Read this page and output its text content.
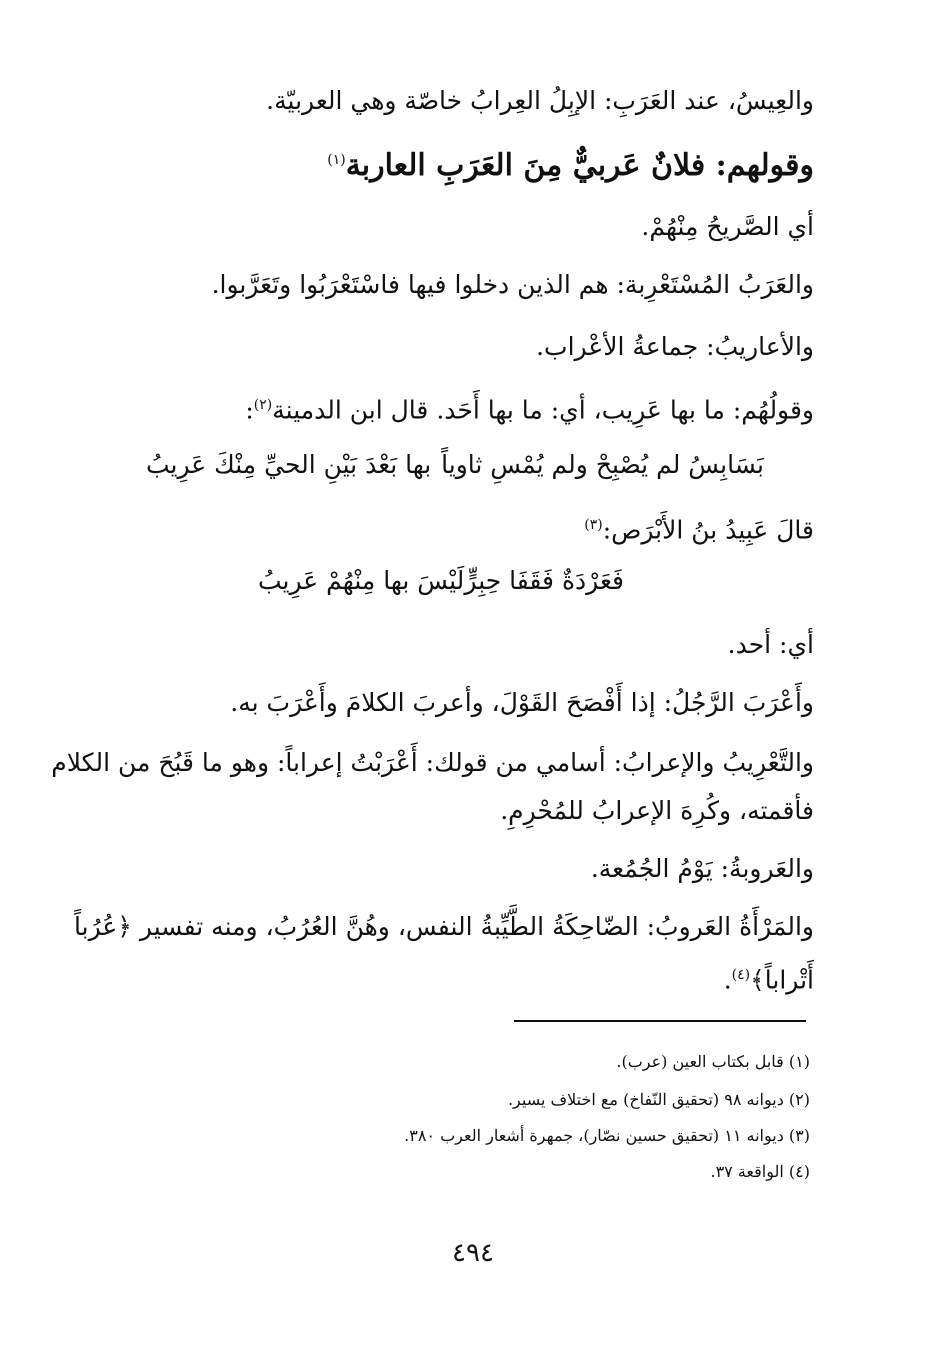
والعِيسُ، عند العَرَبِ: الإبِلُ العِرابُ خاصّة وهي العربيّة.
وقولهم: فلانٌ عَربيٌّ مِنَ العَرَبِ العاربة$^{(١)}$
أي الصَّريحُ مِنْهُمْ.
والعَرَبُ المُسْتَعْرِبة: هم الذين دخلوا فيها فاسْتَعْرَبُوا وتَعَرَّبوا.
والأعاريبُ: جماعةُ الأعْراب.
وقولُهُم: ما بها عَرِيب، أي: ما بها أَحَد. قال ابن الدمينة$^{(٢)}$:
بَسَابِسُ لم يُصْبِحْ ولم يُمْسِ ثاوياً
بها بَعْدَ بَيْنِ الحيِّ مِنْكَ عَرِيبُ
قالَ عَبِيدُ بنُ الأَبْرَص:$^{(٣)}$
فَعَرْدَةٌ فَقَفَا حِبِرٍّ
لَيْسَ بها مِنْهُمْ عَرِيبُ
أي: أحد.
وأَعْرَبَ الرَّجُلُ: إذا أَفْصَحَ القَوْلَ، وأعربَ الكلامَ وأَعْرَبَ به.
والتَّعْرِيبُ والإعرابُ: أسامي من قولك: أَعْرَبْتُ إعراباً: وهو ما قَبُحَ من الكلام
فأقمته، وكُرِهَ الإعرابُ للمُحْرِمِ.
والعَروبةُ: يَوْمُ الجُمُعة.
والمَرْأَةُ العَروبُ: الضّاحِكَةُ الطَّيِّبةُ النفس، وهُنَّ العُرُبُ، ومنه تفسير ﴿عُرُباً
أَتْراباً﴾$^{(٤)}$.
(١) قابل بكتاب العين (عرب).
(٢) ديوانه ٩٨ (تحقيق النّفاخ) مع اختلاف يسير.
(٣) ديوانه ١١ (تحقيق حسين نصّار)، جمهرة أشعار العرب ٣٨٠.
(٤) الواقعة ٣٧.
٤٩٤
